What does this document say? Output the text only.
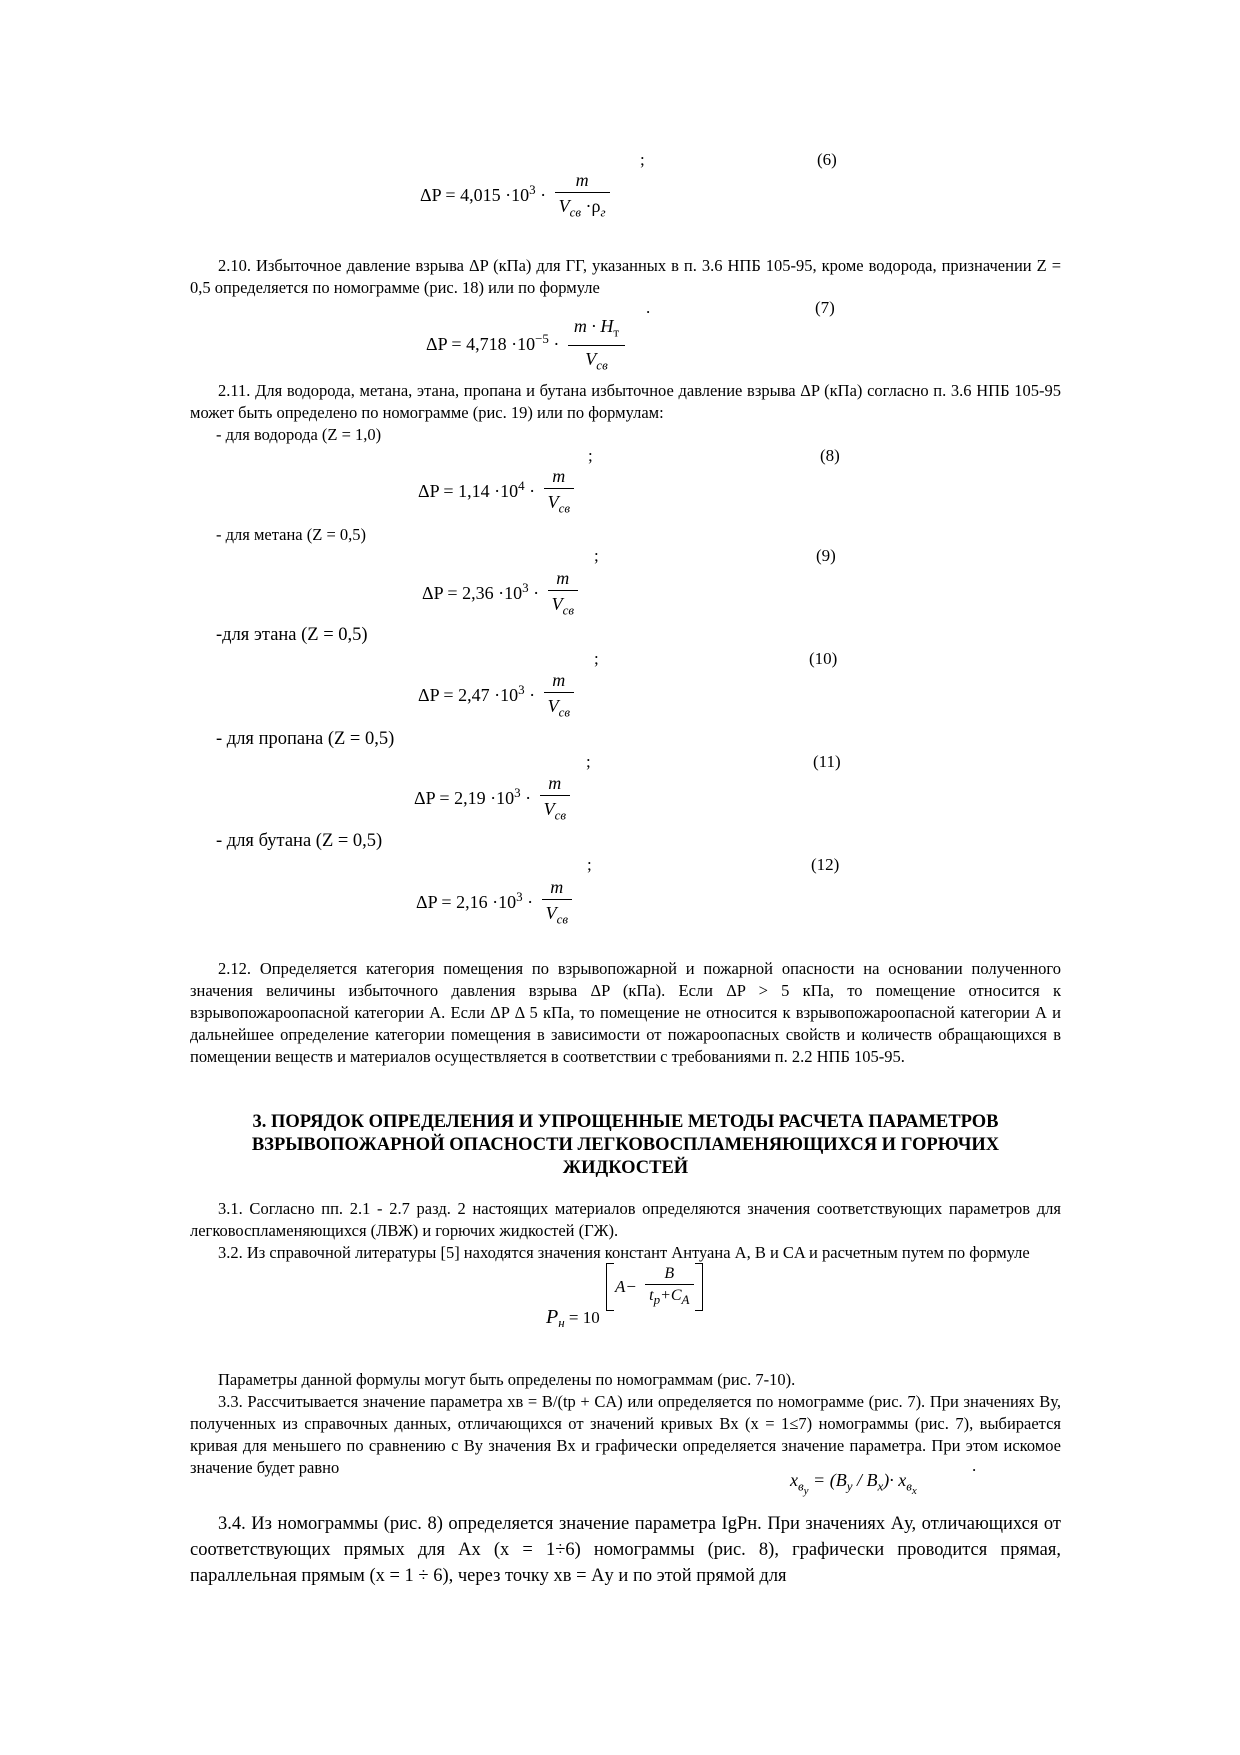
;	(6)
$\Delta P = 4,015 \cdot 10^3 \cdot \frac{m}{V_{св} \cdot\rho_г}$

2.10. Избыточное давление взрыва ΔP (кПа) для ГГ, указанных в п. 3.6 НПБ 105-95, кроме водорода, призначении Z = 0,5 определяется по номограмме (рис. 18) или по формуле

.	(7)
$\Delta P = 4,718 \cdot 10^{-5} \cdot \frac{m \cdot H_т}{V_{св}}$

2.11. Для водорода, метана, этана, пропана и бутана избыточное давление взрыва ΔP (кПа) согласно п. 3.6 НПБ 105-95 может быть определено по номограмме (рис. 19) или по формулам:

- для водорода (Z = 1,0)
;	(8)
$\Delta P = 1,14 \cdot 10^4 \cdot \frac{m}{V_{св}}$
- для метана (Z = 0,5)
;	(9)
$\Delta P = 2,36 \cdot 10^3 \cdot \frac{m}{V_{св}}$
-для этана (Z = 0,5)
;	(10)
$\Delta P = 2,47 \cdot 10^3 \cdot \frac{m}{V_{св}}$
- для пропана (Z = 0,5)
;	(11)
$\Delta P = 2,19 \cdot 10^3 \cdot \frac{m}{V_{св}}$
- для бутана (Z = 0,5)
;	(12)
$\Delta P = 2,16 \cdot 10^3 \cdot \frac{m}{V_{св}}$

2.12. Определяется категория помещения по взрывопожарной и пожарной опасности на основании полученного значения величины избыточного давления взрыва ΔP (кПа). Если ΔP > 5 кПа, то помещение относится к взрывопожароопасной категории А. Если ΔP Δ 5 кПа, то помещение не относится к взрывопожароопасной категории А и дальнейшее определение категории помещения в зависимости от пожароопасных свойств и количеств обращающихся в помещении веществ и материалов осуществляется в соответствии с требованиями п. 2.2 НПБ 105-95.

3. ПОРЯДОК ОПРЕДЕЛЕНИЯ И УПРОЩЕННЫЕ МЕТОДЫ РАСЧЕТА ПАРАМЕТРОВ ВЗРЫВОПОЖАРНОЙ ОПАСНОСТИ ЛЕГКОВОСПЛАМЕНЯЮЩИХСЯ И ГОРЮЧИХ ЖИДКОСТЕЙ

3.1. Согласно пп. 2.1 - 2.7 разд. 2 настоящих материалов определяются значения соответствующих параметров для легковоспламеняющихся (ЛВЖ) и горючих жидкостей (ГЖ).

3.2. Из справочной литературы [5] находятся значения констант Антуана A, B и CA и расчетным путем по формуле

$P_н = 10$
$A- \frac{B}{t_p+C_A}$

Параметры данной формулы могут быть определены по номограммам (рис. 7-10).

3.3. Рассчитывается значение параметра xв = B/(tр + CА) или определяется по номограмме (рис. 7). При значениях Bу, полученных из справочных данных, отличающихся от значений кривых Bх (х = 1≤7) номограммы (рис. 7), выбирается кривая для меньшего по сравнению с Bу значения Bх и графически определяется значение параметра. При этом искомое значение будет равно	.
$x_{вy} = (B_y / B_x)\cdot x_{вx}$

3.4. Из номограммы (рис. 8) определяется значение параметра IgPн. При значениях Aу, отличающихся от соответствующих прямых для Aх (х = 1÷6) номограммы (рис. 8), графически проводится прямая, параллельная прямым (х = 1 ÷ 6), через точку xв = Aу и по этой прямой для
